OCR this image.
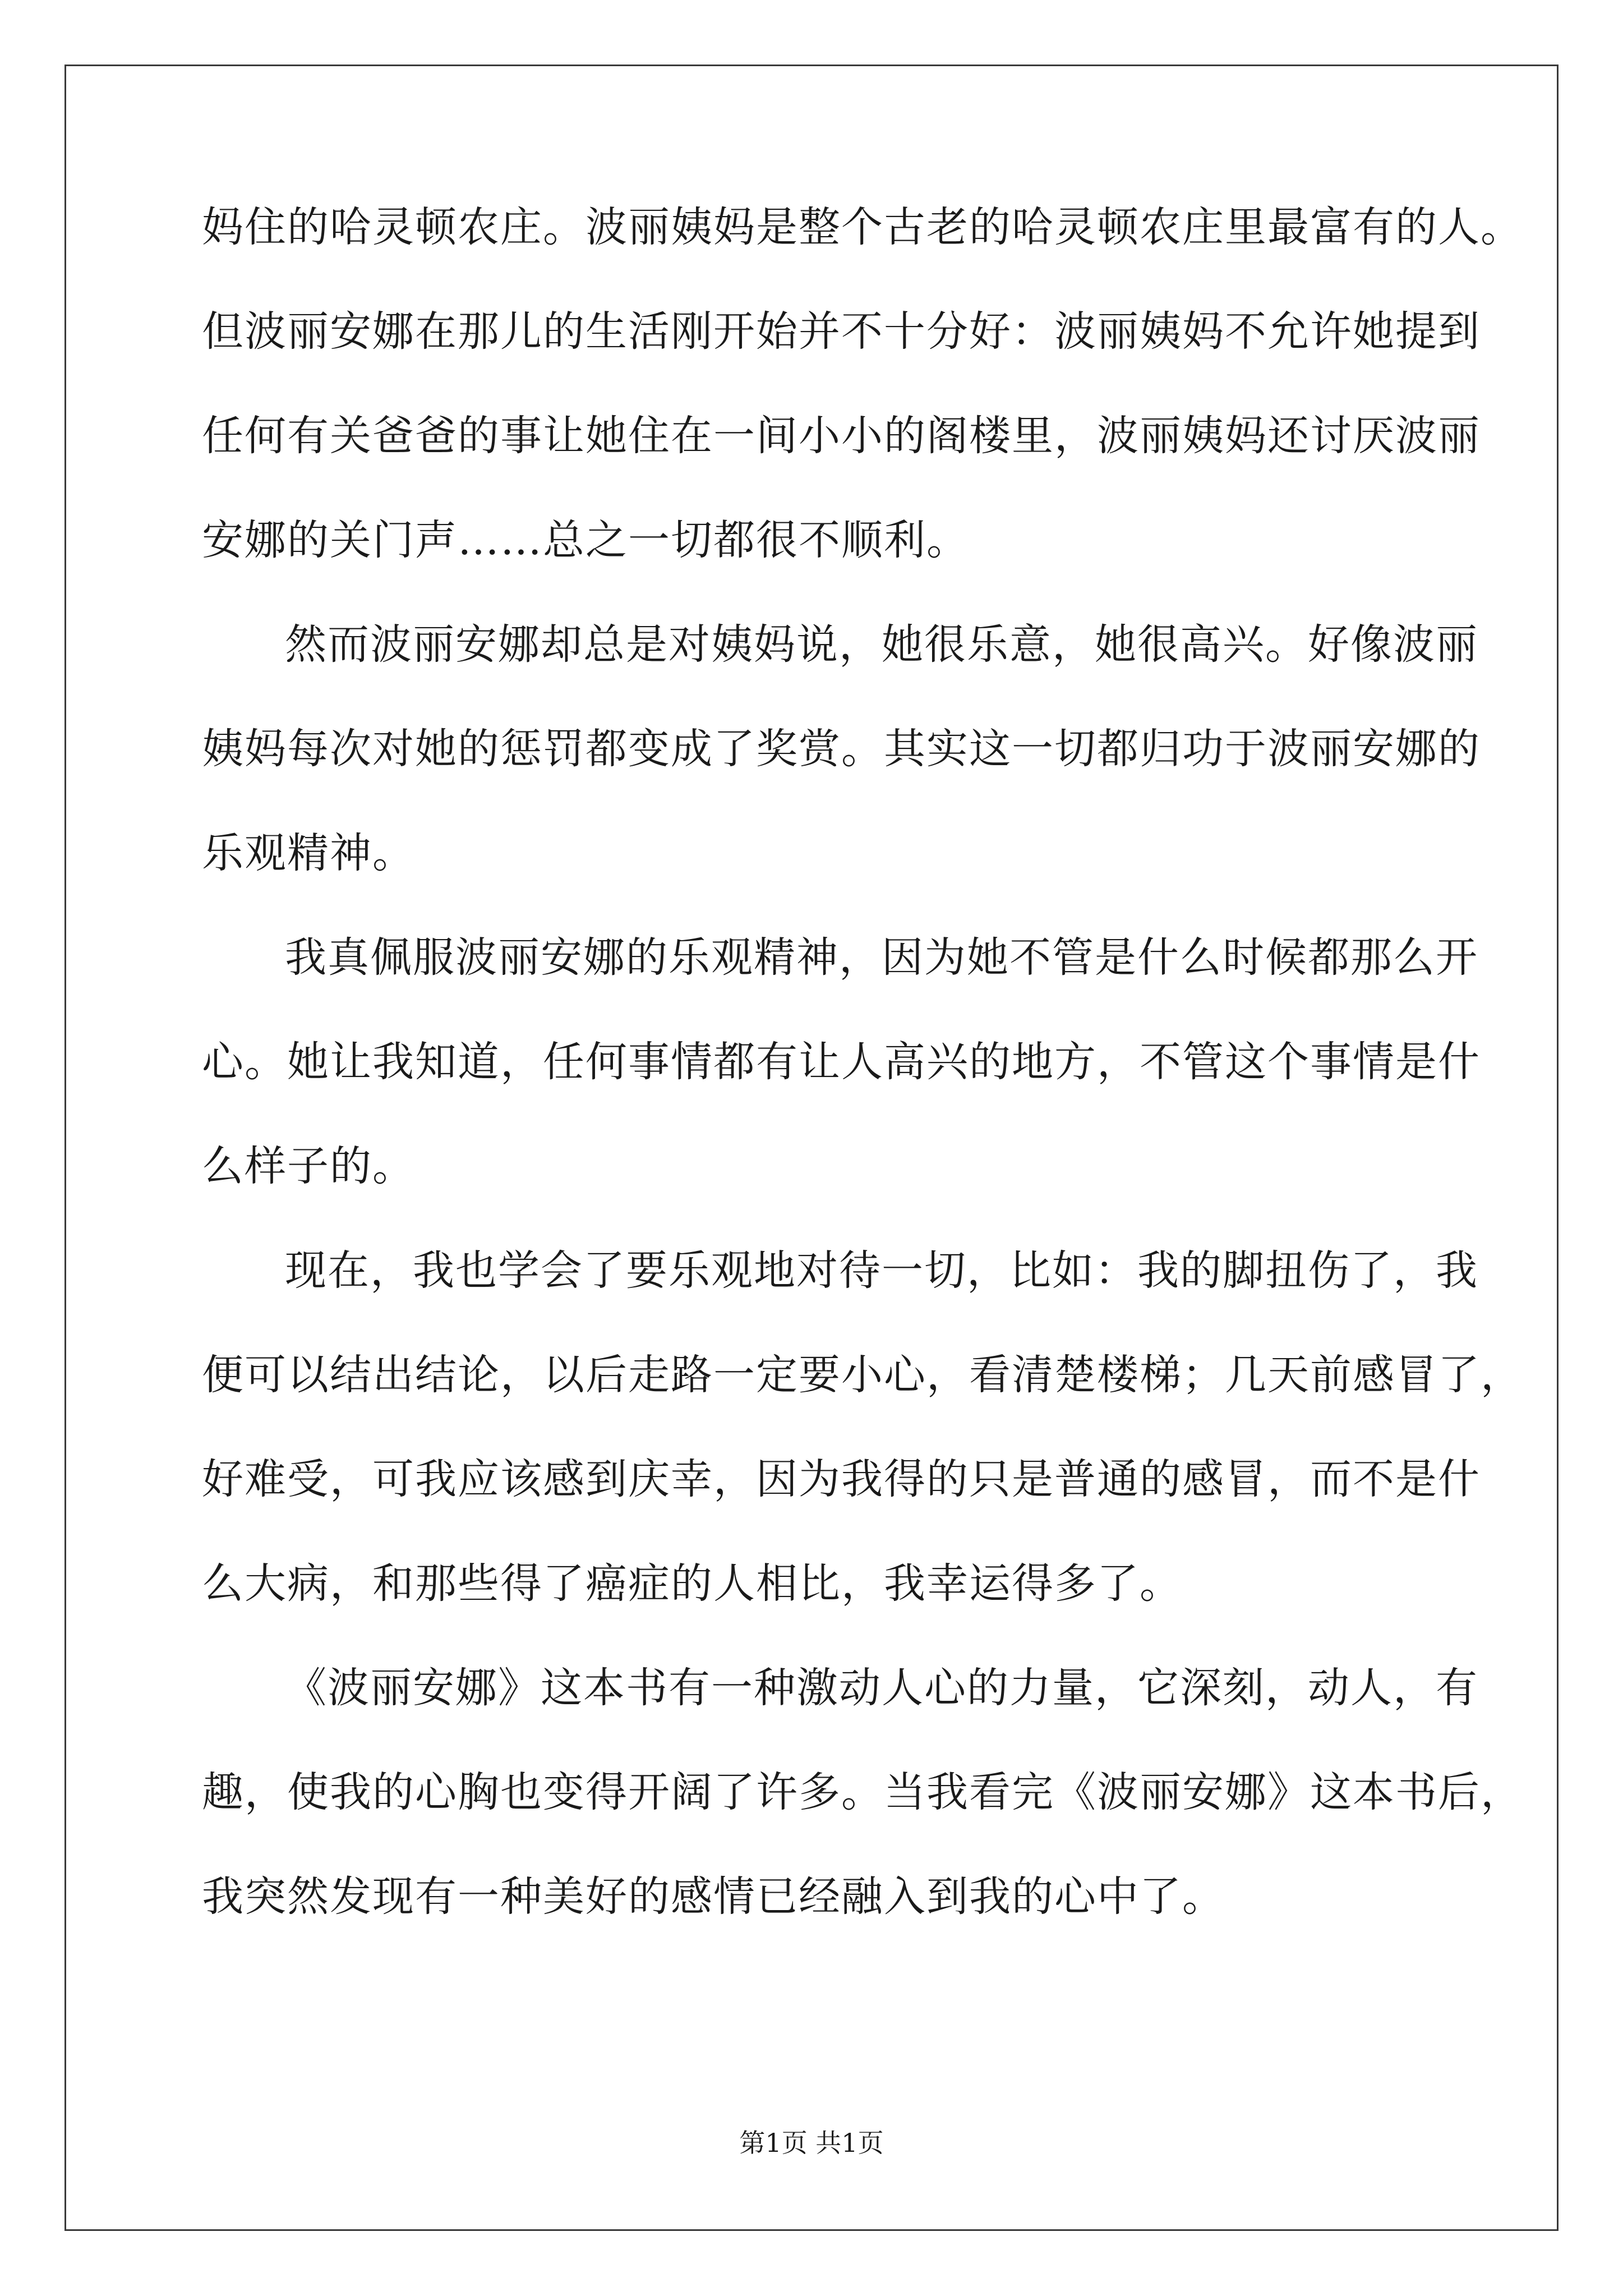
妈住的哈灵顿农庄。波丽姨妈是整个古老的哈灵顿农庄里最富有的人。
但波丽安娜在那儿的生活刚开始并不十分好：波丽姨妈不允许她提到
任何有关爸爸的事让她住在一间小小的阁楼里，波丽姨妈还讨厌波丽
安娜的关门声……总之一切都很不顺利。
然而波丽安娜却总是对姨妈说，她很乐意，她很高兴。好像波丽
姨妈每次对她的惩罚都变成了奖赏。其实这一切都归功于波丽安娜的
乐观精神。
我真佩服波丽安娜的乐观精神，因为她不管是什么时候都那么开
心。她让我知道，任何事情都有让人高兴的地方，不管这个事情是什
么样子的。
现在，我也学会了要乐观地对待一切，比如：我的脚扭伤了，我
便可以结出结论，以后走路一定要小心，看清楚楼梯；几天前感冒了，
好难受，可我应该感到庆幸，因为我得的只是普通的感冒，而不是什
么大病，和那些得了癌症的人相比，我幸运得多了。
《波丽安娜》这本书有一种激动人心的力量，它深刻，动人，有
趣，使我的心胸也变得开阔了许多。当我看完《波丽安娜》这本书后，
我突然发现有一种美好的感情已经融入到我的心中了。
第1页 共1页
